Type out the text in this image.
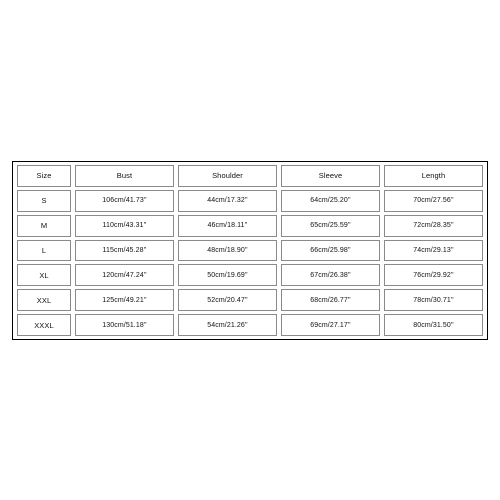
Size	Bust	Shoulder	Sleeve	Length
S	106cm/41.73''	44cm/17.32''	64cm/25.20''	70cm/27.56''
M	110cm/43.31''	46cm/18.11''	65cm/25.59''	72cm/28.35''
L	115cm/45.28''	48cm/18.90''	66cm/25.98''	74cm/29.13''
XL	120cm/47.24''	50cm/19.69''	67cm/26.38''	76cm/29.92''
XXL	125cm/49.21''	52cm/20.47''	68cm/26.77''	78cm/30.71''
XXXL	130cm/51.18''	54cm/21.26''	69cm/27.17''	80cm/31.50''
